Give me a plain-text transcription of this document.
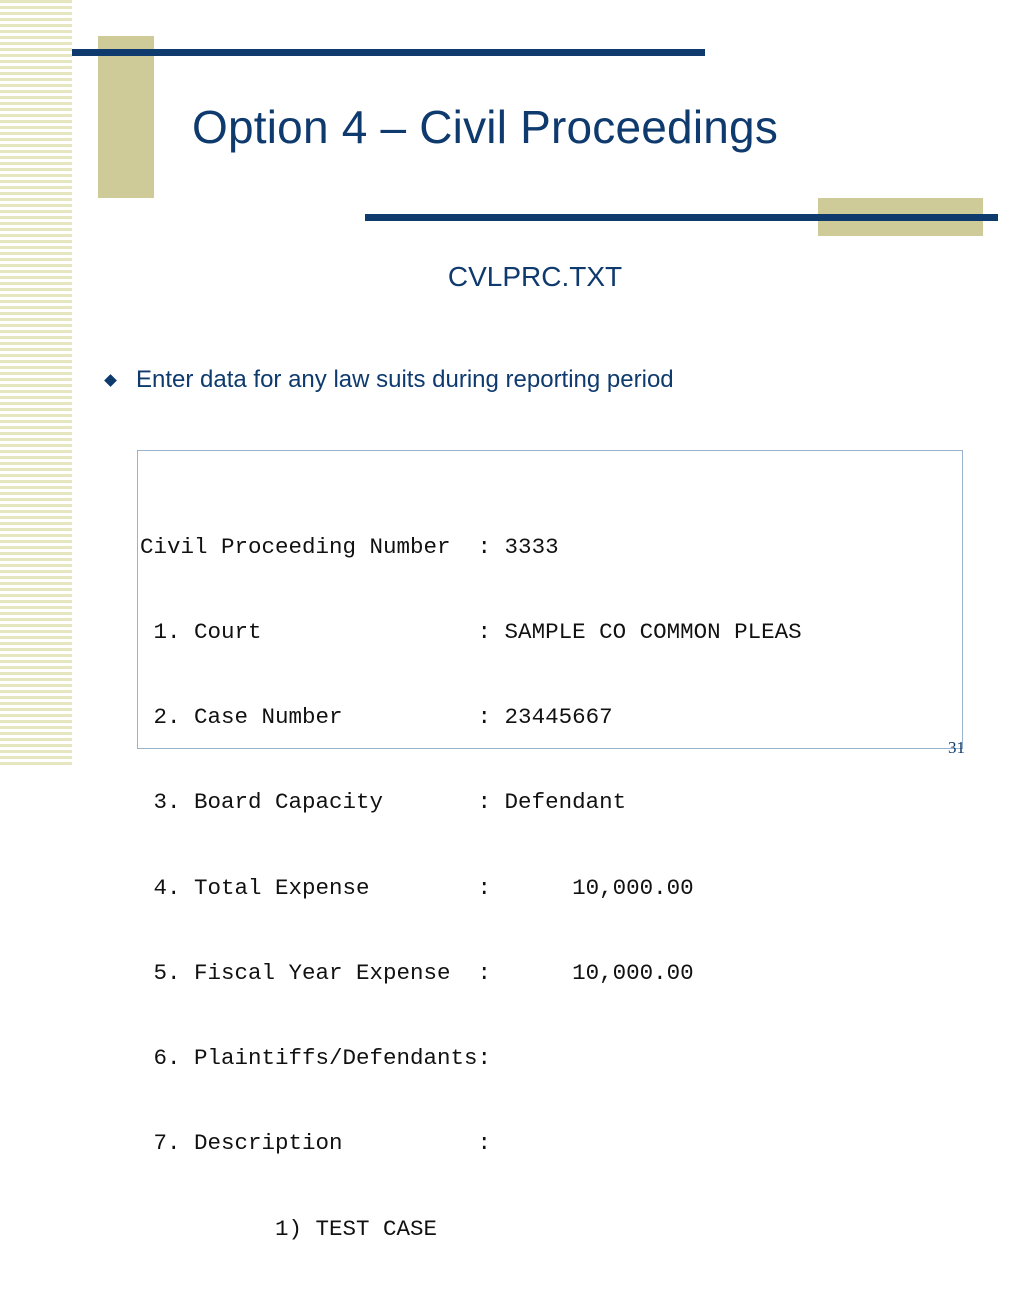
Option 4 – Civil Proceedings

CVLPRC.TXT

Enter data for any law suits during reporting period

Civil Proceeding Number  : 3333

1. Court                : SAMPLE CO COMMON PLEAS

2. Case Number          : 23445667

3. Board Capacity       : Defendant

4. Total Expense        :      10,000.00

5. Fiscal Year Expense  :      10,000.00

6. Plaintiffs/Defendants:

7. Description          :

1) TEST CASE

31
